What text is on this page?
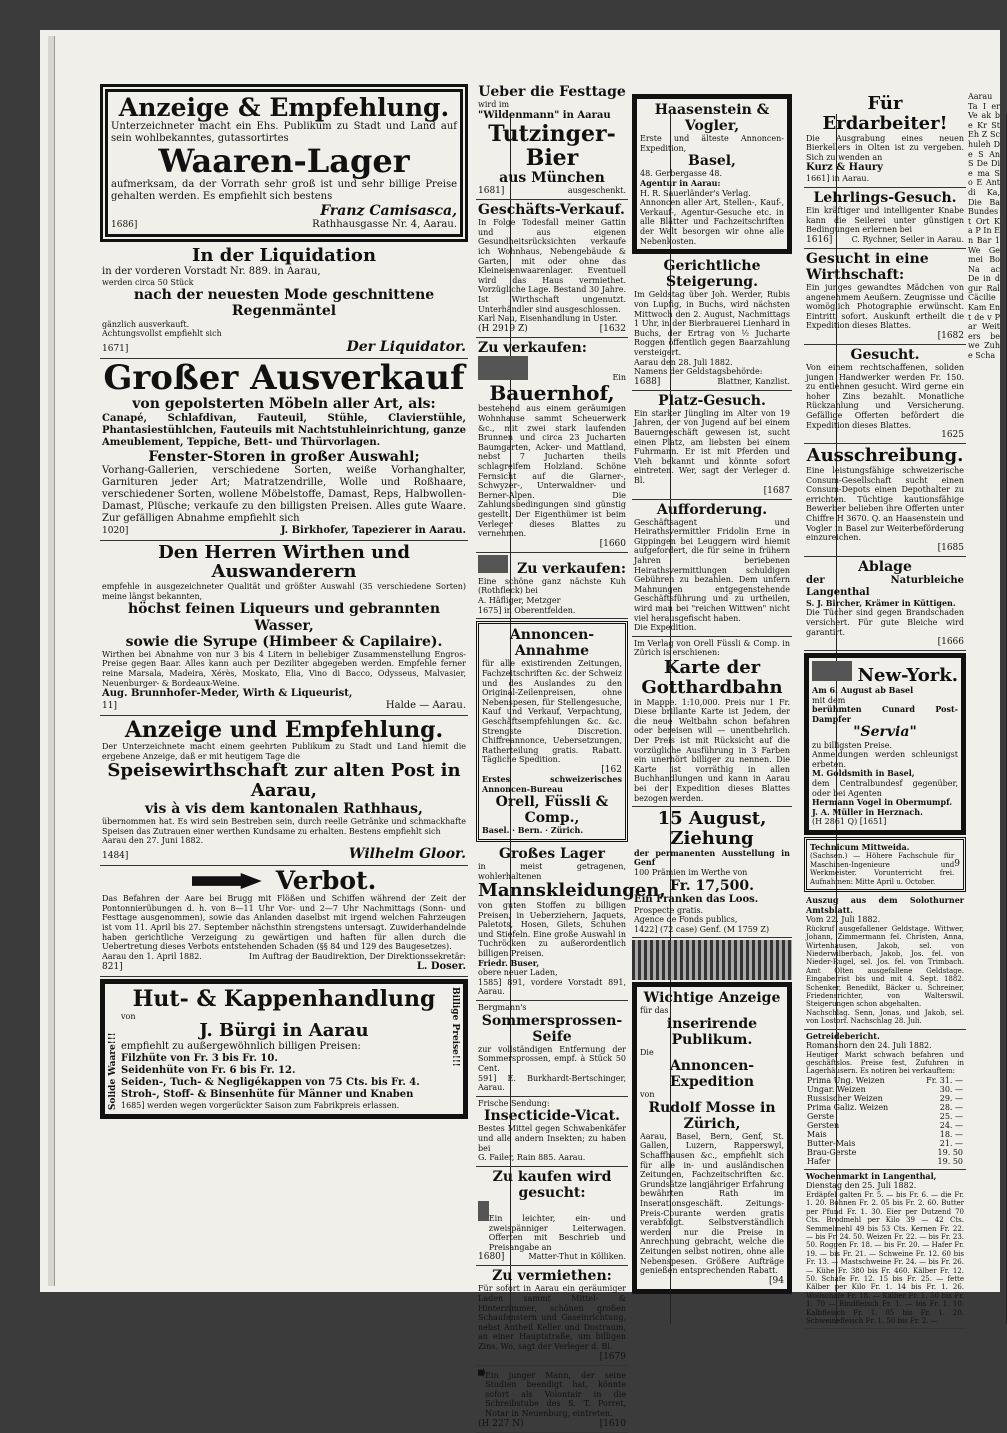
Anzeige & Empfehlung.
Unterzeichneter macht ein Ehs. Publikum zu Stadt und Land auf sein wohlbekanntes, gutassortirtes
Waaren-Lager
aufmerksam, da der Vorrath sehr groß ist und sehr billige Preise gehalten werden. Es empfiehlt sich bestens
Franz Camisasca,
1686]	Rathhausgasse Nr. 4, Aarau.
In der Liquidation
in der vorderen Vorstadt Nr. 889. in Aarau,
werden circa 50 Stück
nach der neuesten Mode geschnittene Regenmäntel
gänzlich ausverkauft.
Achtungsvollst empfiehlt sich
1671]	Der Liquidator.
Großer Ausverkauf
von gepolsterten Möbeln aller Art, als:
Canapé, Schlafdivan, Fauteuil, Stühle, Clavierstühle, Phantasiestühlchen, Fauteuils mit Nachtstuhleinrichtung, ganze Ameublement, Teppiche, Bett- und Thürvorlagen.
Fenster-Storen in großer Auswahl;
Vorhang-Gallerien, verschiedene Sorten, weiße Vorhanghalter, Garnituren jeder Art; Matratzendrille, Wolle und Roßhaare, verschiedener Sorten, wollene Möbelstoffe, Damast, Reps, Halbwollen-Damast, Plüsche; verkaufe zu den billigsten Preisen. Alles gute Waare. Zur gefälligen Abnahme empfiehlt sich
1020]	J. Birkhofer, Tapezierer in Aarau.
Den Herren Wirthen und Auswanderern
empfehle in ausgezeichneter Qualität und größter Auswahl (35 verschiedene Sorten) meine längst bekannten,
höchst feinen Liqueurs und gebrannten Wasser,
sowie die Syrupe (Himbeer & Capilaire).
Wirthen bei Abnahme von nur 3 bis 4 Litern in beliebiger Zusammenstellung Engros-Preise gegen Baar. Alles kann auch per Deziliter abgegeben werden. Empfehle ferner reine Marsala, Madeira, Xérès, Moskato, Elia, Vino di Bacco, Odysseus, Malvasier, Neuenburger- & Bordeaux-Weine.
Aug. Brunnhofer-Meder, Wirth & Liqueurist,
11]	Halde — Aarau.
Anzeige und Empfehlung.
Der Unterzeichnete macht einem geehrten Publikum zu Stadt und Land hiemit die ergebene Anzeige, daß er mit heutigem Tage die
Speisewirthschaft zur alten Post in Aarau,
vis à vis dem kantonalen Rathhaus,
übernommen hat. Es wird sein Bestreben sein, durch reelle Getränke und schmackhafte Speisen das Zutrauen einer werthen Kundsame zu erhalten. Bestens empfiehlt sich
Aarau den 27. Juni 1882.
1484]	Wilhelm Gloor.
Verbot.
Das Befahren der Aare bei Brugg mit Flößen und Schiffen während der Zeit der Pontonnierübungen d. h. von 8—11 Uhr Vor- und 2—7 Uhr Nachmittags (Sonn- und Festtage ausgenommen), sowie das Anlanden daselbst mit irgend welchen Fahrzeugen ist vom 11. April bis 27. September nächsthin strengstens untersagt. Zuwiderhandelnde haben gerichtliche Verzeigung zu gewärtigen und haften für allen durch die Uebertretung dieses Verbots entstehenden Schaden (§§ 84 und 129 des Baugesetzes).
Aarau den 1. April 1882.	Im Auftrag der Baudirektion, Der Direktionssekretär:
821]	L. Doser.
Solide Waare!!!
Hut- & Kappenhandlung
von
J. Bürgi in Aarau
empfiehlt zu außergewöhnlich billigen Preisen:
Filzhüte von Fr. 3 bis Fr. 10.
Seidenhüte von Fr. 6 bis Fr. 12.
Seiden-, Tuch- & Negligékappen von 75 Cts. bis Fr. 4.
Stroh-, Stoff- & Binsenhüte für Männer und Knaben
1685] werden wegen vorgerückter Saison zum Fabrikpreis erlassen.
Billige Preise!!!
Ueber die Festtage
wird im
"Wildenmann" in Aarau
Tutzinger-Bier
aus München
1681]	ausgeschenkt.
Geschäfts-Verkauf.
In Folge Todesfall meiner Gattin und aus eigenen Gesundheitsrücksichten verkaufe ich Wohnhaus, Nebengebäude & Garten, mit oder ohne das Kleineisenwaarenlager. Eventuell wird das Haus vermiethet. Vorzügliche Lage. Bestand 30 Jahre. Ist Wirthschaft ungenutzt. Unterhändler sind ausgeschlossen.
Karl Nau, Eisenhandlung in Uster.
(H 2919 Z)	[1632
Zu verkaufen:
Ein
Bauernhof,
bestehend aus einem geräumigen Wohnhause sammt Scheuerwerk &c., mit zwei stark laufenden Brunnen und circa 23 Jucharten Baumgarten, Acker- und Mattland, nebst 7 Jucharten theils schlagreifem Holzland. Schöne Fernsicht auf die Glarner-, Schwyzer-, Unterwaldner- und Berner-Alpen. Die Zahlungsbedingungen sind günstig gestellt. Der Eigenthümer ist beim Verleger dieses Blattes zu vernehmen.
[1660
Zu verkaufen:
Eine schöne ganz nächste Kuh (Rothfleck) bei
A. Häfliger, Metzger
1675] in Oberentfelden.
Annoncen-Annahme
für alle existirenden Zeitungen, Fachzeitschriften &c. der Schweiz und des Auslandes zu den Original-Zeilenpreisen, ohne Nebenspesen, für Stellengesuche, Kauf und Verkauf, Verpachtung, Geschäftsempfehlungen &c. &c. Strengste Discretion. Chiffreannonce, Uebersetzungen, Ratherteilung gratis. Rabatt. Tägliche Spedition.
[162
Erstes schweizerisches Annoncen-Bureau
Orell, Füssli & Comp.,
Basel. · Bern. · Zürich.
Großes Lager
in meist getragenen, wohlerhaltenen
Mannskleidungen,
von guten Stoffen zu billigen Preisen, in Ueberziehern, Jaquets, Paletots, Hosen, Gilets, Schuhen und Stiefeln. Eine große Auswahl in Tuchröcken zu außerordentlich billigen Preisen.
Friedr. Buser,
obere neuer Laden,
1585] 891, vordere Vorstadt 891, Aarau.
Bergmann's
Sommersprossen-Seife
zur vollständigen Entfernung der Sommersprossen, empf. à Stück 50 Cent.
591] E. Burkhardt-Bertschinger, Aarau.
Frische Sendung:
Insecticide-Vicat.
Bestes Mittel gegen Schwabenkäfer und alle andern Insekten; zu haben bei
G. Failer, Rain 885. Aarau.
Zu kaufen wird gesucht:
Ein leichter, ein- und zweispänniger Leiterwagen. Offerten mit Beschrieb und Preisangabe an
1680]	Matter-Thut in Kölliken.
Zu vermiethen:
Für sofort in Aarau ein geräumiger Laden sammt Mittel- & Hinterzimmer, schönen großen Schaufenstern und Gaseinrichtung, nebst Antheil Keller und Dostraum, an einer Hauptstraße, um billigen Zins. Wo, sagt der Verleger d. Bl.
[1679
Ein junger Mann, der seine Studien beendigt hat, könnte sofort als Volontair in die Schreibstube des S. T. Porret, Notar in Neuenburg, eintreten.
(H 227 N)	[1610
Haasenstein & Vogler,
Erste und älteste Annoncen-Expedition,
Basel,
48. Gerbergasse 48.
Agentur in Aarau:
H. R. Sauerländer's Verlag.
Annoncen aller Art, Stellen-, Kauf-, Verkauf-, Agentur-Gesuche etc. in alle Blätter und Fachzeitschriften der Welt besorgen wir ohne alle Nebenkosten.
Gerichtliche Steigerung.
Im Geldstag über Joh. Werder, Rubis von Lupfig, in Buchs, wird nächsten Mittwoch den 2. August, Nachmittags 1 Uhr, in der Bierbrauerei Lienhard in Buchs, der Ertrag von ½ Jucharte Roggen öffentlich gegen Baarzahlung versteigert.
Aarau den 28. Juli 1882.
Namens der Geldstagsbehörde:
1688]	Blattner, Kanzlist.
Platz-Gesuch.
Ein starker Jüngling im Alter von 19 Jahren, der von Jugend auf bei einem Bauerngeschäft gewesen ist, sucht einen Platz, am liebsten bei einem Fuhrmann. Er ist mit Pferden und Vieh bekannt und könnte sofort eintreten. Wer, sagt der Verleger d. Bl.
[1687
Aufforderung.
Geschäftsagent und Heirathsvermittler Fridolin Erne in Gippingen bei Leuggern wird hiemit aufgefordert, die für seine in frühern Jahren beriebenen Heirathsvermittlungen schuldigen Gebühren zu bezahlen. Dem unfern Mahnungen entgegenstehende Geschäftsführung und zu urtheilen, wird man bei "reichen Wittwen" nicht viel herausgefischt haben.
Die Expedition.
Im Verlag von Orell Füssli & Comp. in Zürich is erschienen:
Karte der Gotthardbahn
in Mappe. 1:10,000. Preis nur 1 Fr. Diese brillante Karte ist Jedem, der die neue Weltbahn schon befahren oder bereisen will — unentbehrlich. Der Preis ist mit Rücksicht auf die vorzügliche Ausführung in 3 Farben ein unerhört billiger zu nennen. Die Karte ist vorräthig in allen Buchhandlungen und kann in Aarau bei der Expedition dieses Blattes bezogen werden.
15 August, Ziehung
der permanenten Ausstellung in Genf
100 Prämien im Werthe von
Fr. 17,500.
Ein Franken das Loos.
Prospecte gratis.
Agence de Fonds publics,
1422] (72 case) Genf. (M 1759 Z)
Wichtige Anzeige
für das
inserirende Publikum.
Die
Annoncen-Expedition
von
Rudolf Mosse in Zürich,
Aarau, Basel, Bern, Genf, St. Gallen, Luzern, Rapperswyl, Schaffhausen &c., empfiehlt sich für alle in- und ausländischen Zeitungen, Fachzeitschriften &c. Grundsätze langjähriger Erfahrung bewährten Rath im Inserationsgeschäft. Zeitungs-Preis-Courante werden gratis verabfolgt. Selbstverständlich werden nur die Preise in Anrechnung gebracht, welche die Zeitungen selbst notiren, ohne alle Nebenspesen. Größere Aufträge genießen entsprechenden Rabatt.
[94
Für Erdarbeiter!
Die Ausgrabung eines neuen Bierkellers in Olten ist zu vergeben. Sich zu wenden an
Kurz & Haury
1661] in Aarau.
Lehrlings-Gesuch.
Ein kräftiger und intelligenter Knabe kann die Seilerei unter günstigen Bedingungen erlernen bei
1616] C. Rychner, Seiler in Aarau.
Gesucht in eine Wirthschaft:
Ein junges gewandtes Mädchen von angenehmem Aeußern. Zeugnisse und womöglich Photographie erwünscht. Eintritt sofort. Auskunft ertheilt die Expedition dieses Blattes.
[1682
Gesucht.
Von einem rechtschaffenen, soliden jungen Handwerker werden Fr. 150. zu entlehnen gesucht. Wird gerne ein hoher Zins bezahlt. Monatliche Rückzahlung und Versicherung. Gefällige Offerten befördert die Expedition dieses Blattes.
1625
Ausschreibung.
Eine leistungsfähige schweizerische Consum-Gesellschaft sucht einen Consum-Depots einen Depothalter zu errichten. Tüchtige kautionsfähige Bewerber belieben ihre Offerten unter Chiffre H 3670. Q. an Haasenstein und Vogler in Basel zur Weiterbeförderung einzureichen.
[1685
Ablage
der Naturbleiche Langenthal
S. J. Bircher, Krämer in Küttigen.
Die Tücher sind gegen Brandschaden versichert. Für gute Bleiche wird garantirt.
[1666
New-York.
Am 6. August ab Basel
mit dem
berühmten Cunard Post-Dampfer
"Servia"
zu billigsten Preise.
Anmeldungen werden schleunigst erbeten.
M. Goldsmith in Basel,
dem Centralbundesf gegenüber, oder bei Agenten
Hermann Vogel in Obermumpf.
J. A. Müller in Herznach.
(H 2861 Q) [1651]
Technicum Mittweida.
(Sachsen.) — Höhere Fachschule für Maschinen-Ingenieure und Werkmeister. Vorunterricht frei. Aufnahmen: Mitte April u. October.
9
Auszug aus dem Solothurner Amtsblatt.
Vom 22. Juli 1882.
Rückruf ausgefallener Geldstage. Wittwer, Johann, Zimmermann fel. Christen, Anna, Wirtenhausen, Jakob, sel. von Niederwilberbach, Jakob, Jos. fel. von Nieder-Rugel, sel. Jos. fel. von Trimbach. Amt Olten ausgefallene Geldstage. Eingabefrist bis und mit 4. Sept. 1882. Schenker, Benedikt, Bäcker u. Schreiner, Friedensrichter, von Walterswil. Steigerungen schon abgehalten.
Nachschlag. Senn, Jonas, und Jakob, sel. von Lostorf. Nachschlag 28. Juli.
Getreidebericht.
Romanshorn den 24. Juli 1882.
Heutiger Markt schwach befahren und geschäftslos. Preise fest, Zufuhren in Lagerhäusern. Es notiren bei verkauftem:
Prima Ung. Weizen	Fr. 31. —
Ungar. Weizen	30. —
Russischer Weizen	29. —
Prima Galiz. Weizen	28. —
Gerste	25. —
Gersten	24. —
Mais	18. —
Butter-Mais	21. —
Brau-Gerste	19. 50
Hafer	19. 50
Wochenmarkt in Langenthal,
Dienstag den 25. Juli 1882.
Erdäpfel galten Fr. 5. — bis Fr. 6. — die Fr. 1. 20. Bohnen Fr. 2. 05 bis Fr. 2. 60. Butter per Pfund Fr. 1. 30. Eier per Dutzend 70 Cts. Brodmehl per Kilo 39 — 42 Cts. Semmelmehl 49 bis 53 Cts. Kernen Fr. 22. — bis Fr. 24. 50. Weizen Fr. 22. — bis Fr. 23. 50. Roggen Fr. 18. — bis Fr. 20. — Hafer Fr. 19. — bis Fr. 21. — Schweine Fr. 12. 60 bis Fr. 13. — Mastschweine Fr. 24. — bis Fr. 26. — Kühe Fr. 380 bis Fr. 460. Kälber Fr. 12. 50. Schafe Fr. 12. 15 bis Fr. 25. — fette Kälber per Kilo Fr. 1. 14 bis Fr. 1. 26. Wollschafe Fr. 18. — Kälber Fr. 1. 50 bis Fr. 1. 70 — Rindfleisch Fr. 1. — bis Fr. 1. 10. Kalbfleisch Fr. 1. 05 bis Fr. 1. 20. Schweinefleisch Fr. 1. 50 bis Fr. 2. —
Aarau Ta I er Ve ak be Kr St Eh Z Schuleh De S An S De Die ma So E Ant di Ka, Die Ba Bundest Ort Ka P In En Bar 1 We Gemei Bo Na ac De in d gur Ral Cäcilie Kam Ent de v Par Weiters be we Zuhe Scha
